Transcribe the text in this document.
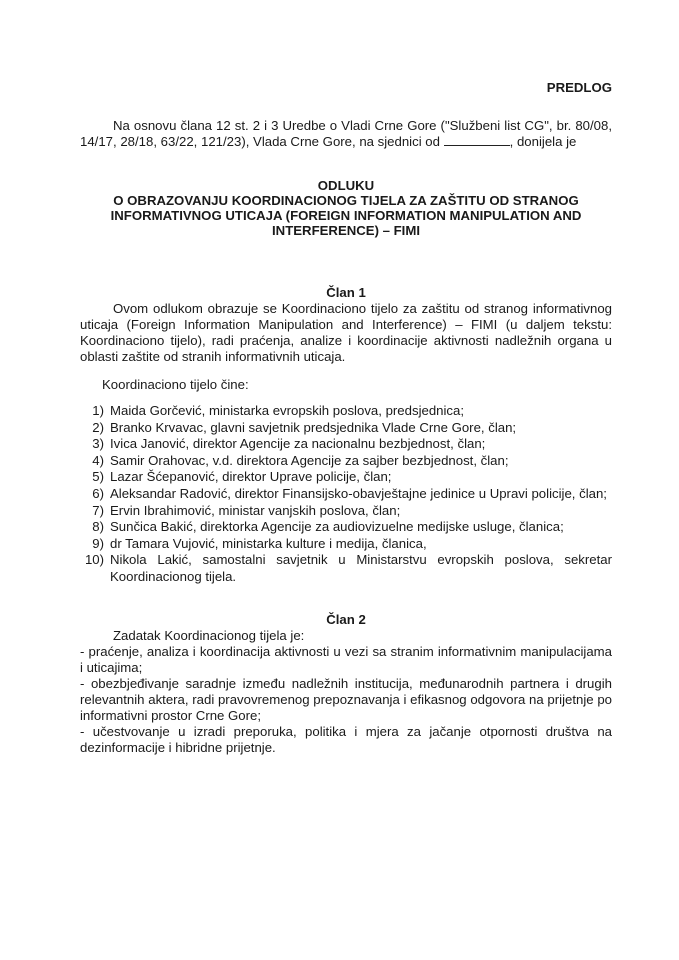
PREDLOG
Na osnovu člana 12 st. 2 i 3 Uredbe o Vladi Crne Gore ("Službeni list CG", br. 80/08, 14/17, 28/18, 63/22, 121/23), Vlada Crne Gore, na sjednici od	, donijela je
ODLUKU
O OBRAZOVANJU KOORDINACIONOG TIJELA ZA ZAŠTITU OD STRANOG INFORMATIVNOG UTICAJA (FOREIGN INFORMATION MANIPULATION AND INTERFERENCE) – FIMI
Član 1

Ovom odlukom obrazuje se Koordinaciono tijelo za zaštitu od stranog informativnog uticaja (Foreign Information Manipulation and Interference) – FIMI (u daljem tekstu: Koordinaciono tijelo), radi praćenja, analize i koordinacije aktivnosti nadležnih organa u oblasti zaštite od stranih informativnih uticaja.

Koordinaciono tijelo čine:

1) Maida Gorčević, ministarka evropskih poslova, predsjednica;
2) Branko Krvavac, glavni savjetnik predsjednika Vlade Crne Gore, član;
3) Ivica Janović, direktor Agencije za nacionalnu bezbjednost, član;
4) Samir Orahovac, v.d. direktora Agencije za sajber bezbjednost, član;
5) Lazar Šćepanović, direktor Uprave policije, član;
6) Aleksandar Radović, direktor Finansijsko-obavještajne jedinice u Upravi policije, član;
7) Ervin Ibrahimović, ministar vanjskih poslova, član;
8) Sunčica Bakić, direktorka Agencije za audiovizuelne medijske usluge, članica;
9) dr Tamara Vujović, ministarka kulture i medija, članica,
10) Nikola Lakić, samostalni savjetnik u Ministarstvu evropskih poslova, sekretar Koordinacionog tijela.
Član 2

Zadatak Koordinacionog tijela je:

- praćenje, analiza i koordinacija aktivnosti u vezi sa stranim informativnim manipulacijama i uticajima;

- obezbjeđivanje saradnje između nadležnih institucija, međunarodnih partnera i drugih relevantnih aktera, radi pravovremenog prepoznavanja i efikasnog odgovora na prijetnje po informativni prostor Crne Gore;

- učestvovanje u izradi preporuka, politika i mjera za jačanje otpornosti društva na dezinformacije i hibridne prijetnje.
